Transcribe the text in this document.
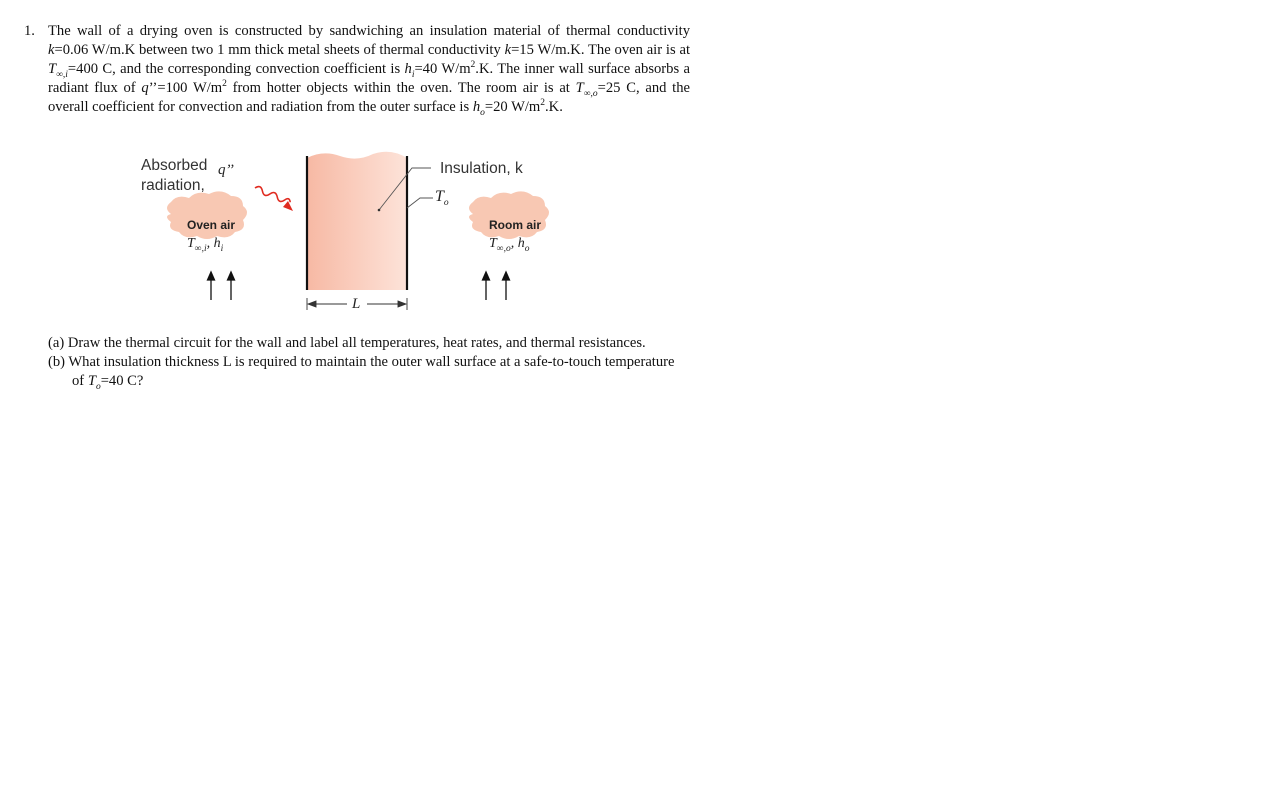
1. The wall of a drying oven is constructed by sandwiching an insulation material of thermal conductivity k=0.06 W/m.K between two 1 mm thick metal sheets of thermal conductivity k=15 W/m.K. The oven air is at $T_{\infty,i}=400$ C, and the corresponding convection coefficient is $h_i=40$ $W/m^2.K$. The inner wall surface absorbs a radiant flux of q’’=100 $W/m^2$ from hotter objects within the oven. The room air is at $T_{\infty,o}=25$ C, and the overall coefficient for convection and radiation from the outer surface is $h_o=20$ $W/m^2.K$.
Absorbed
radiation,
q’’	Insulation, k
$T_o$
Oven air
$T_{\infty,i}$, $h_i$
Room air
$T_{\infty,o}$, $h_o$
L
(a) Draw the thermal circuit for the wall and label all temperatures, heat rates, and thermal resistances.
(b) What insulation thickness L is required to maintain the outer wall surface at a safe-to-touch temperature of $T_o=40$ C?
